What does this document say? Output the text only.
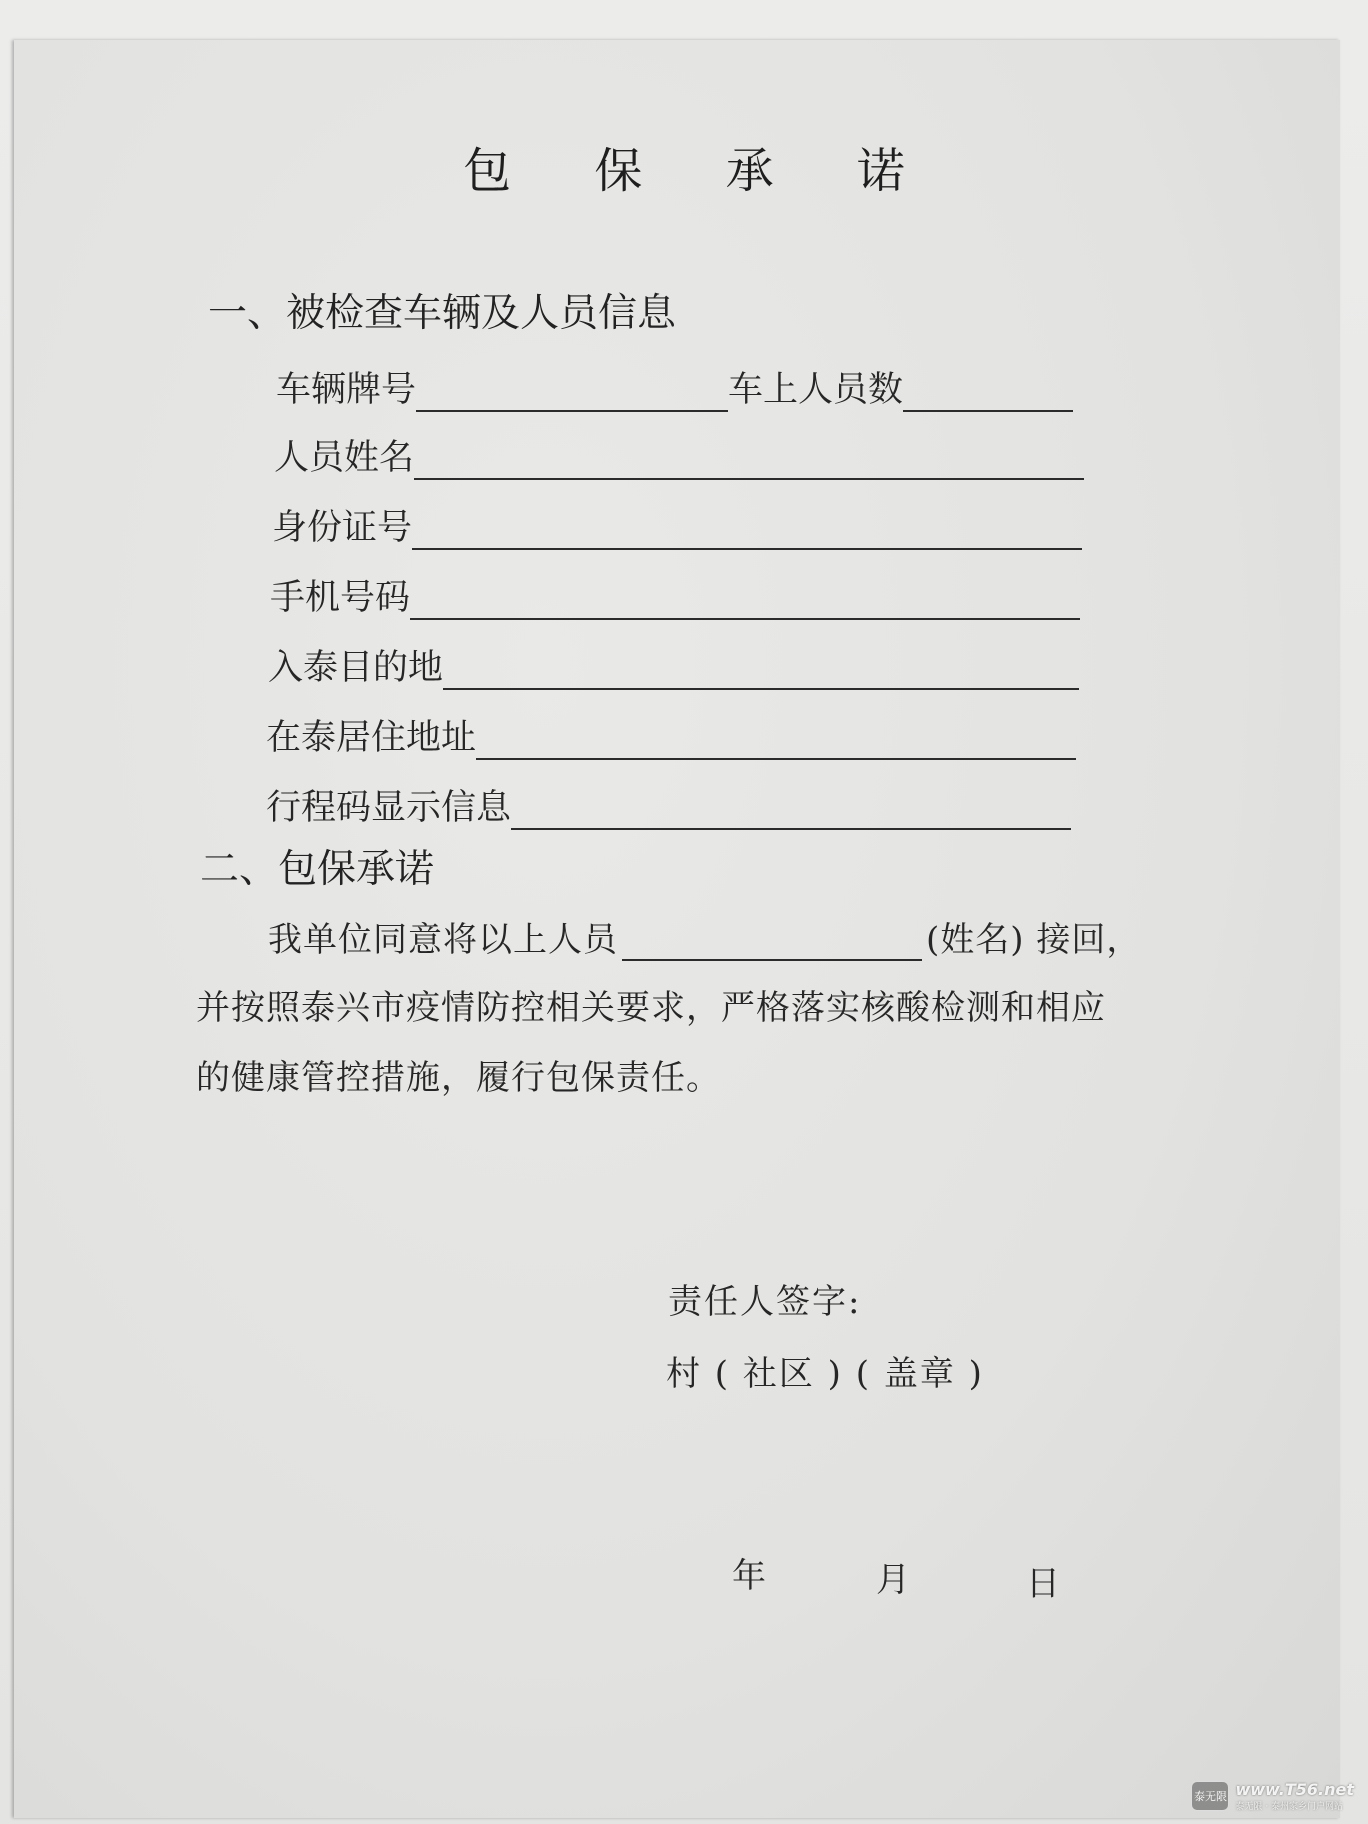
包 保 承 诺
一、被检查车辆及人员信息
车辆牌号	车上人员数
人员姓名
身份证号
手机号码
入泰目的地
在泰居住地址
行程码显示信息
二、包保承诺
我单位同意将以上人员	(姓名) 接回，
并按照泰兴市疫情防控相关要求，严格落实核酸检测和相应
的健康管控措施，履行包保责任。
责任人签字:
村 ( 社区 ) ( 盖章 )
年	月	日
泰无限 www.T56.net
泰无限 · 泰州家乡门户网站
